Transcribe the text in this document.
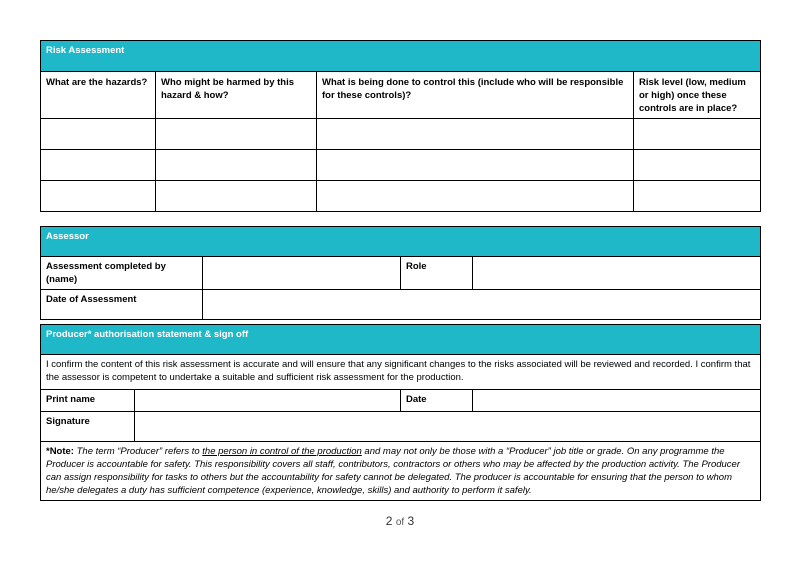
Risk Assessment			
What are the hazards?	Who might be harmed by this hazard & how?	What is being done to control this (include who will be responsible for these controls)?	Risk level (low, medium or high) once these controls are in place?

Assessor			
Assessment completed by (name)		Role	
Date of Assessment			
Producer* authorisation statement & sign off			
I confirm the content of this risk assessment is accurate and will ensure that any significant changes to the risks associated will be reviewed and recorded. I confirm that the assessor is competent to undertake a suitable and sufficient risk assessment for the production.			
Print name		Date	
Signature			
*Note: The term “Producer” refers to the person in control of the production and may not only be those with a “Producer” job title or grade. On any programme the Producer is accountable for safety. This responsibility covers all staff, contributors, contractors or others who may be affected by the production activity. The Producer can assign responsibility for tasks to others but the accountability for safety cannot be delegated. The producer is accountable for ensuring that the person to whom he/she delegates a duty has sufficient competence (experience, knowledge, skills) and authority to perform it safely.			
2 of 3
